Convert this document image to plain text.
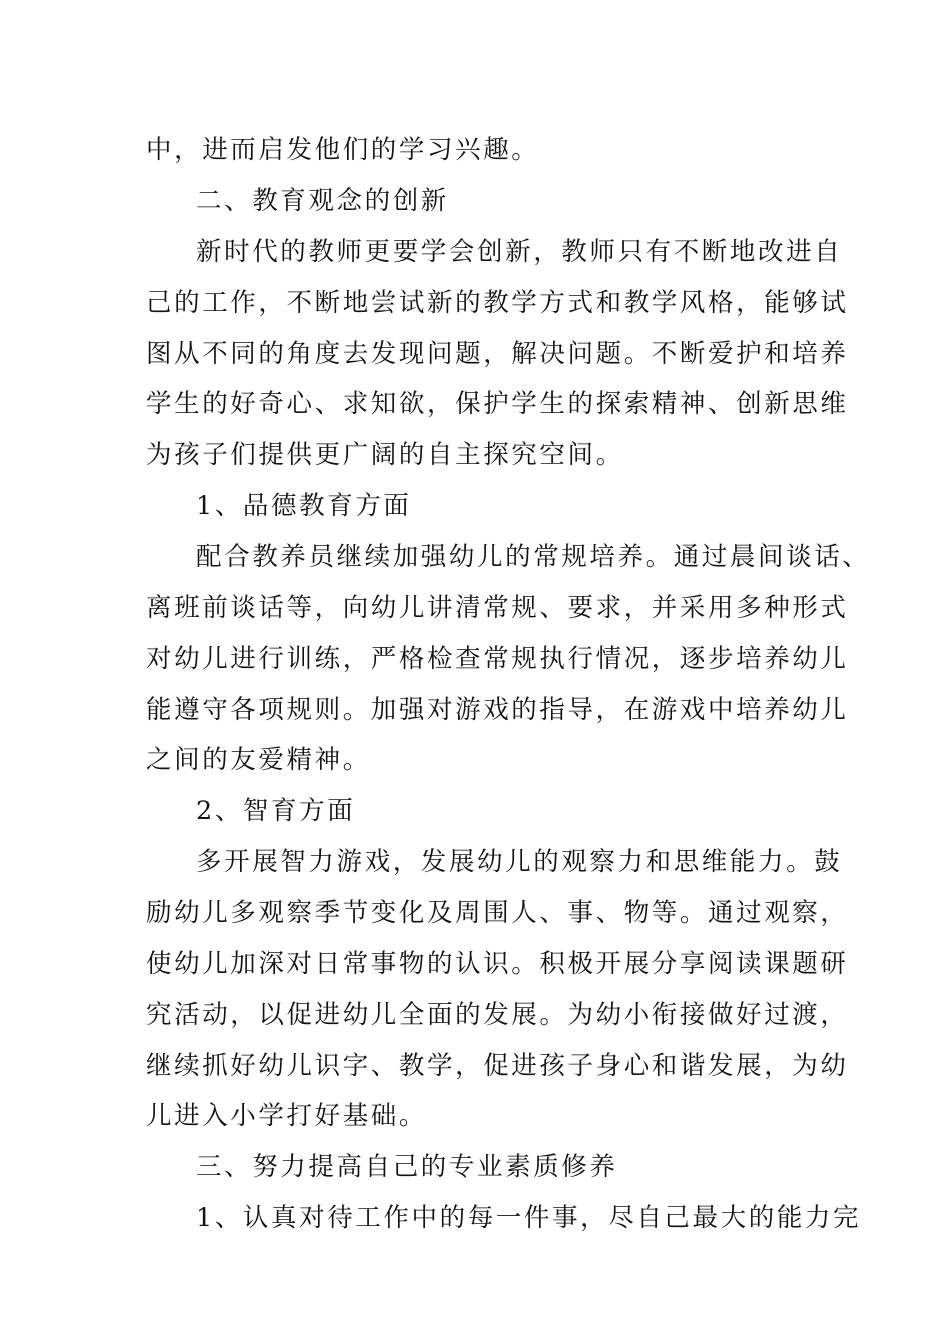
中，进而启发他们的学习兴趣。
二、教育观念的创新
新时代的教师更要学会创新，教师只有不断地改进自
己的工作，不断地尝试新的教学方式和教学风格，能够试
图从不同的角度去发现问题，解决问题。不断爱护和培养
学生的好奇心、求知欲，保护学生的探索精神、创新思维
为孩子们提供更广阔的自主探究空间。
1、品德教育方面
配合教养员继续加强幼儿的常规培养。通过晨间谈话、
离班前谈话等，向幼儿讲清常规、要求，并采用多种形式
对幼儿进行训练，严格检查常规执行情况，逐步培养幼儿
能遵守各项规则。加强对游戏的指导，在游戏中培养幼儿
之间的友爱精神。
2、智育方面
多开展智力游戏，发展幼儿的观察力和思维能力。鼓
励幼儿多观察季节变化及周围人、事、物等。通过观察，
使幼儿加深对日常事物的认识。积极开展分享阅读课题研
究活动，以促进幼儿全面的发展。为幼小衔接做好过渡，
继续抓好幼儿识字、教学，促进孩子身心和谐发展，为幼
儿进入小学打好基础。
三、努力提高自己的专业素质修养
1、认真对待工作中的每一件事，尽自己最大的能力完
